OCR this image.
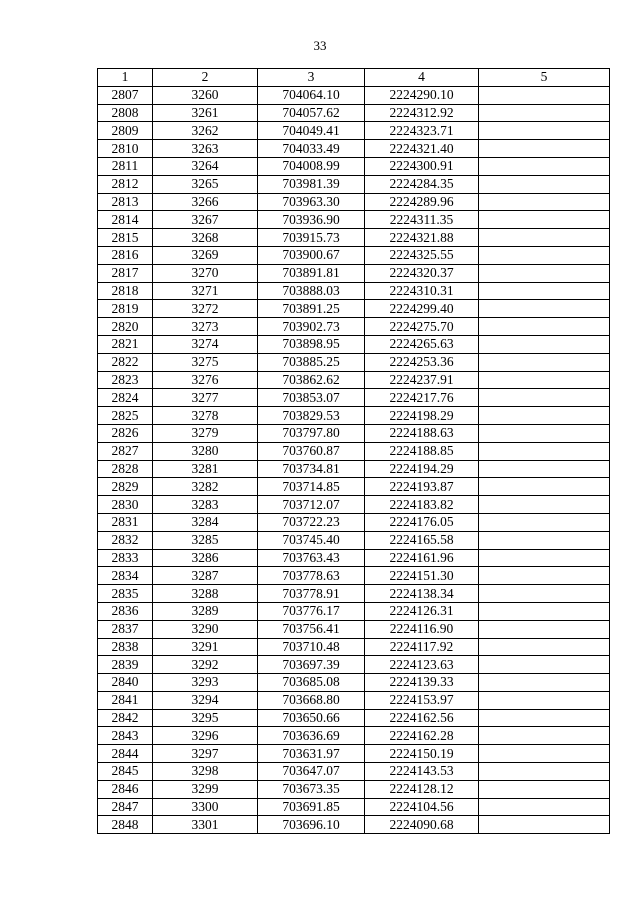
33
1	2	3	4	5
2807	3260	704064.10	2224290.10	
2808	3261	704057.62	2224312.92	
2809	3262	704049.41	2224323.71	
2810	3263	704033.49	2224321.40	
2811	3264	704008.99	2224300.91	
2812	3265	703981.39	2224284.35	
2813	3266	703963.30	2224289.96	
2814	3267	703936.90	2224311.35	
2815	3268	703915.73	2224321.88	
2816	3269	703900.67	2224325.55	
2817	3270	703891.81	2224320.37	
2818	3271	703888.03	2224310.31	
2819	3272	703891.25	2224299.40	
2820	3273	703902.73	2224275.70	
2821	3274	703898.95	2224265.63	
2822	3275	703885.25	2224253.36	
2823	3276	703862.62	2224237.91	
2824	3277	703853.07	2224217.76	
2825	3278	703829.53	2224198.29	
2826	3279	703797.80	2224188.63	
2827	3280	703760.87	2224188.85	
2828	3281	703734.81	2224194.29	
2829	3282	703714.85	2224193.87	
2830	3283	703712.07	2224183.82	
2831	3284	703722.23	2224176.05	
2832	3285	703745.40	2224165.58	
2833	3286	703763.43	2224161.96	
2834	3287	703778.63	2224151.30	
2835	3288	703778.91	2224138.34	
2836	3289	703776.17	2224126.31	
2837	3290	703756.41	2224116.90	
2838	3291	703710.48	2224117.92	
2839	3292	703697.39	2224123.63	
2840	3293	703685.08	2224139.33	
2841	3294	703668.80	2224153.97	
2842	3295	703650.66	2224162.56	
2843	3296	703636.69	2224162.28	
2844	3297	703631.97	2224150.19	
2845	3298	703647.07	2224143.53	
2846	3299	703673.35	2224128.12	
2847	3300	703691.85	2224104.56	
2848	3301	703696.10	2224090.68	
